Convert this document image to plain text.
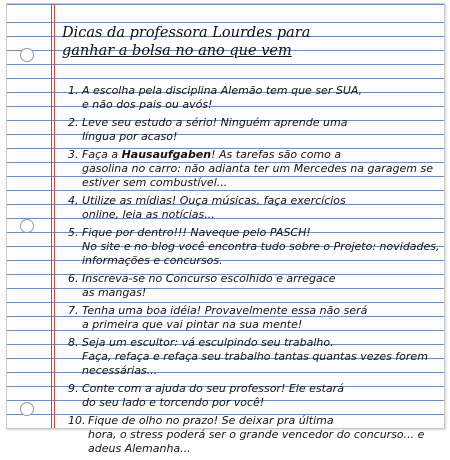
Dicas da professora Lourdes para
ganhar a bolsa no ano que vem
1. A escolha pela disciplina Alemão tem que ser SUA,
e não dos pais ou avós!
2. Leve seu estudo a sério! Ninguém aprende uma
língua por acaso!
3. Faça a Hausaufgaben! As tarefas são como a
gasolina no carro: não adianta ter um Mercedes na garagem se estiver sem combustível...
4. Utilize as mídias! Ouça músicas, faça exercícios
online, leia as notícias...
5. Fique por dentro!!! Naveque pelo PASCH!
No site e no blog você encontra tudo sobre o Projeto: novidades, informações e concursos.
6. Inscreva-se no Concurso escolhido e arregace
as mangas!
7. Tenha uma boa idéia! Provavelmente essa não será
a primeira que vai pintar na sua mente!
8. Seja um escultor: vá esculpindo seu trabalho.
Faça, refaça e refaça seu trabalho tantas quantas vezes forem necessárias...
9. Conte com a ajuda do seu professor! Ele estará
do seu lado e torcendo por você!
10. Fique de olho no prazo! Se deixar pra última
hora, o stress poderá ser o grande vencedor do concurso... e adeus Alemanha...
